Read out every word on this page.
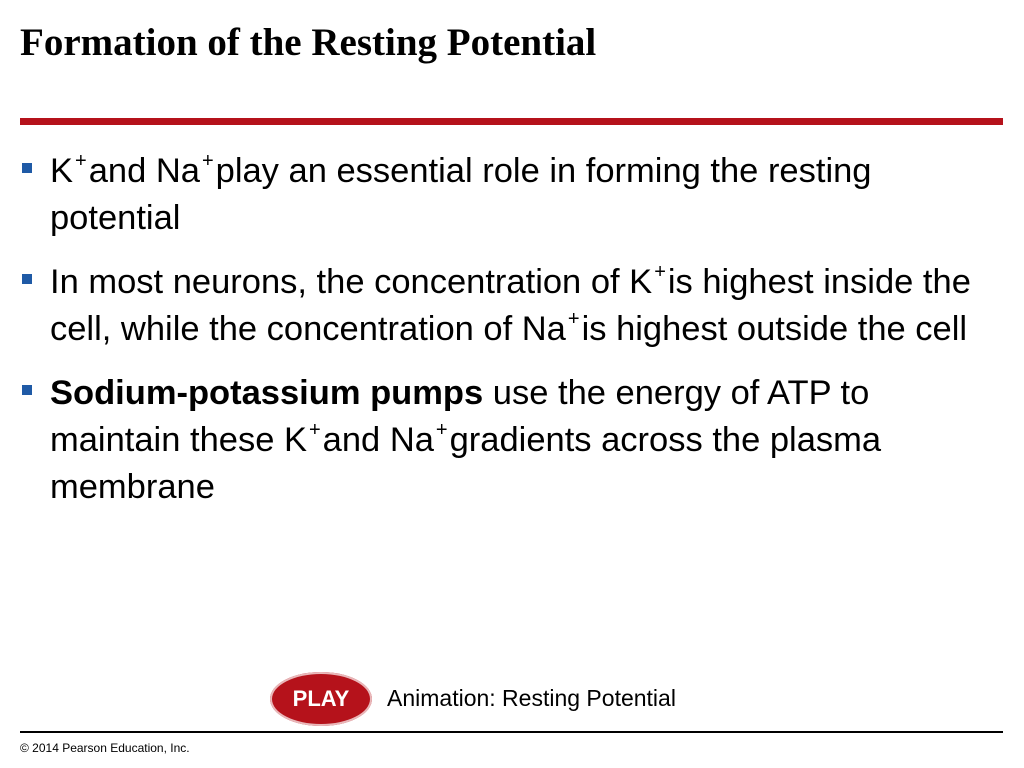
Formation of the Resting Potential
K+and Na+play an essential role in forming the resting potential
In most neurons, the concentration of K+is highest inside the cell, while the concentration of Na+is highest outside the cell
Sodium-potassium pumps use the energy of ATP to maintain these K+and Na+gradients across the plasma membrane
PLAY	Animation: Resting Potential
© 2014 Pearson Education, Inc.
